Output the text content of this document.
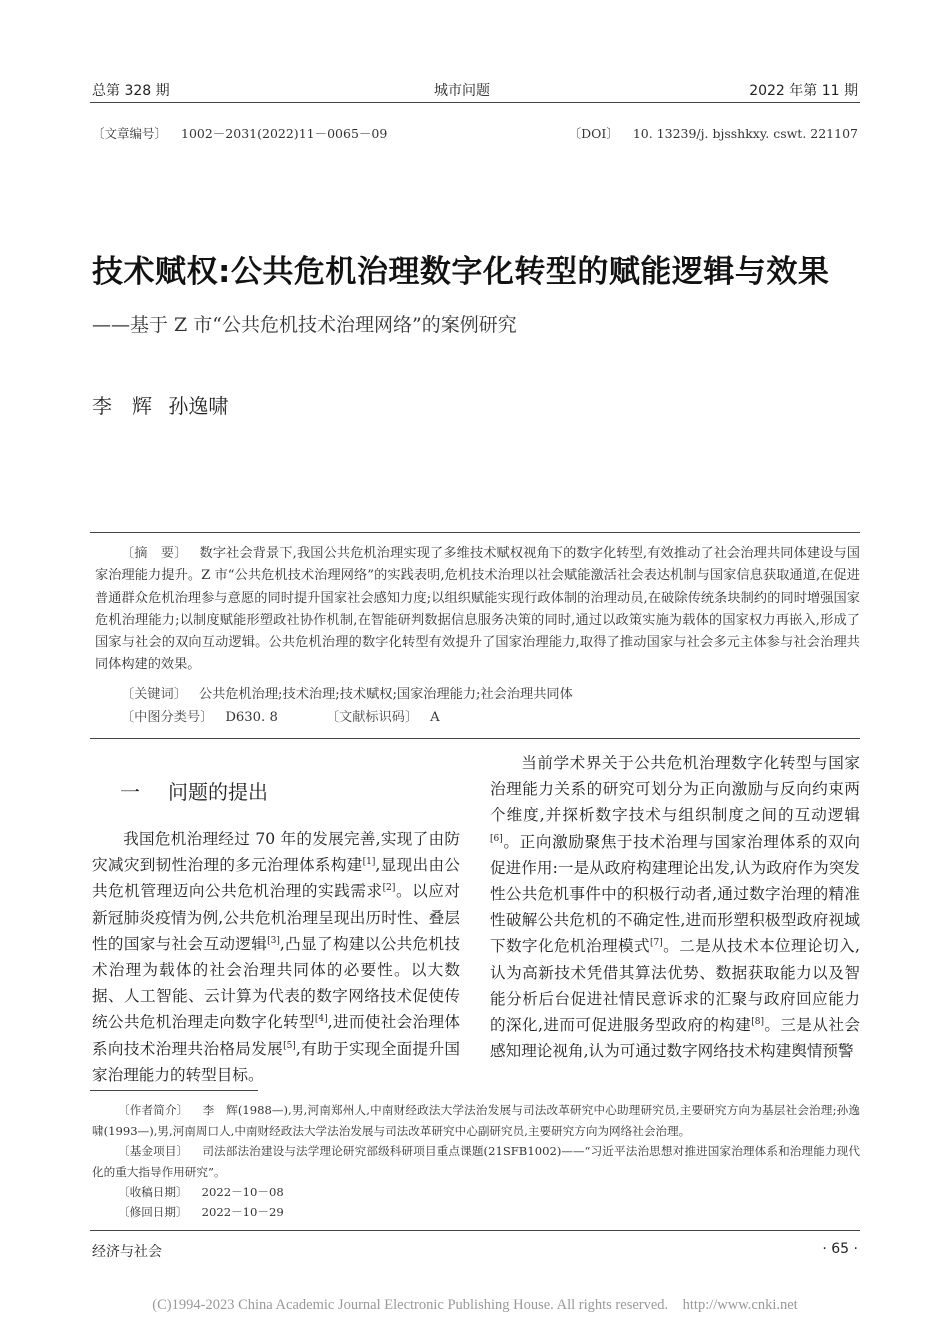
总第 328 期	城市问题	2022 年第 11 期
〔文章编号〕 1002－2031(2022)11－0065－09	〔DOI〕 10. 13239/j. bjsshkxy. cswt. 221107
技术赋权:公共危机治理数字化转型的赋能逻辑与效果
——基于 Z 市“公共危机技术治理网络”的案例研究
李　辉 孙逸啸
〔摘　要〕 数字社会背景下,我国公共危机治理实现了多维技术赋权视角下的数字化转型,有效推动了社会治理共同体建设与国家治理能力提升。Z 市“公共危机技术治理网络”的实践表明,危机技术治理以社会赋能激活社会表达机制与国家信息获取通道,在促进普通群众危机治理参与意愿的同时提升国家社会感知力度;以组织赋能实现行政体制的治理动员,在破除传统条块制约的同时增强国家危机治理能力;以制度赋能形塑政社协作机制,在智能研判数据信息服务决策的同时,通过以政策实施为载体的国家权力再嵌入,形成了国家与社会的双向互动逻辑。公共危机治理的数字化转型有效提升了国家治理能力,取得了推动国家与社会多元主体参与社会治理共同体构建的效果。
〔关键词〕 公共危机治理;技术治理;技术赋权;国家治理能力;社会治理共同体
〔中图分类号〕 D630. 8	〔文献标识码〕 A
一 问题的提出

我国危机治理经过 70 年的发展完善,实现了由防灾减灾到韧性治理的多元治理体系构建[1],显现出由公共危机管理迈向公共危机治理的实践需求[2]。以应对新冠肺炎疫情为例,公共危机治理呈现出历时性、叠层性的国家与社会互动逻辑[3],凸显了构建以公共危机技术治理为载体的社会治理共同体的必要性。以大数据、人工智能、云计算为代表的数字网络技术促使传统公共危机治理走向数字化转型[4],进而使社会治理体系向技术治理共治格局发展[5],有助于实现全面提升国家治理能力的转型目标。

当前学术界关于公共危机治理数字化转型与国家治理能力关系的研究可划分为正向激励与反向约束两个维度,并探析数字技术与组织制度之间的互动逻辑[6]。正向激励聚焦于技术治理与国家治理体系的双向促进作用:一是从政府构建理论出发,认为政府作为突发性公共危机事件中的积极行动者,通过数字治理的精准性破解公共危机的不确定性,进而形塑积极型政府视域下数字化危机治理模式[7]。二是从技术本位理论切入,认为高新技术凭借其算法优势、数据获取能力以及智能分析后台促进社情民意诉求的汇聚与政府回应能力的深化,进而可促进服务型政府的构建[8]。三是从社会感知理论视角,认为可通过数字网络技术构建舆情预警

〔作者简介〕 李　辉(1988—),男,河南郑州人,中南财经政法大学法治发展与司法改革研究中心助理研究员,主要研究方向为基层社会治理;孙逸啸(1993—),男,河南周口人,中南财经政法大学法治发展与司法改革研究中心副研究员,主要研究方向为网络社会治理。
〔基金项目〕 司法部法治建设与法学理论研究部级科研项目重点课题(21SFB1002)——“习近平法治思想对推进国家治理体系和治理能力现代化的重大指导作用研究”。
〔收稿日期〕 2022－10－08
〔修回日期〕 2022－10－29
经济与社会	· 65 ·
(C)1994-2023 China Academic Journal Electronic Publishing House. All rights reserved.    http://www.cnki.net
